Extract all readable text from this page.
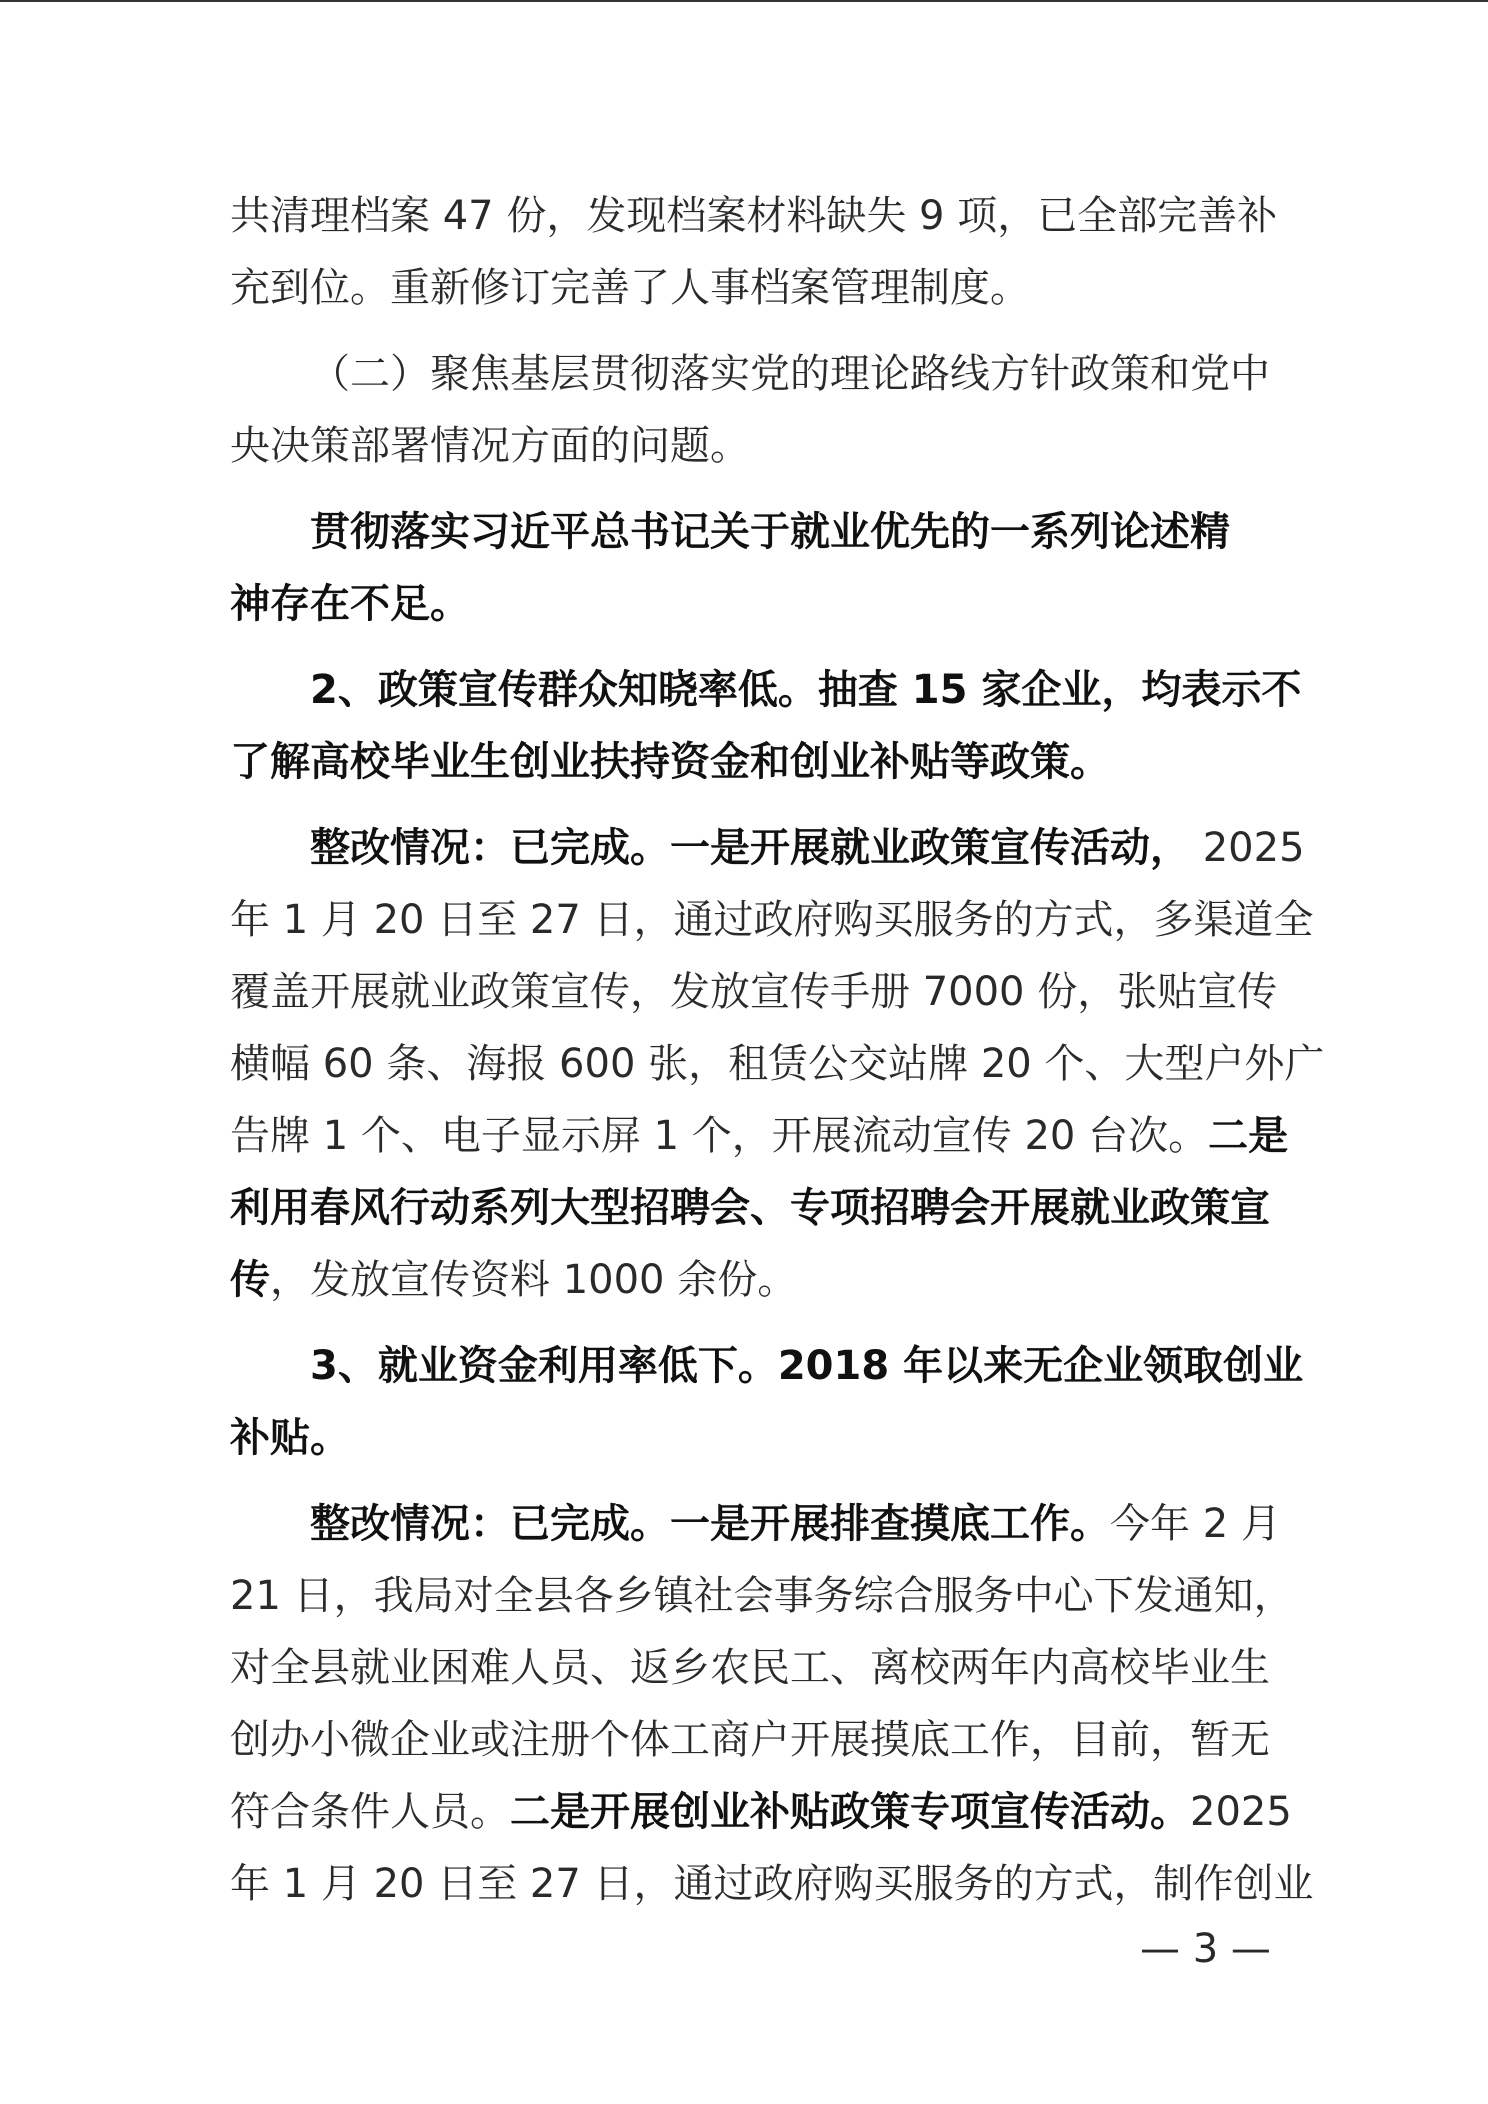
共清理档案 47 份，发现档案材料缺失 9 项，已全部完善补
充到位。重新修订完善了人事档案管理制度。
（二）聚焦基层贯彻落实党的理论路线方针政策和党中
央决策部署情况方面的问题。
贯彻落实习近平总书记关于就业优先的一系列论述精
神存在不足。
2、政策宣传群众知晓率低。抽查 15 家企业，均表示不
了解高校毕业生创业扶持资金和创业补贴等政策。
整改情况：已完成。一是开展就业政策宣传活动， 2025
年 1 月 20 日至 27 日，通过政府购买服务的方式，多渠道全
覆盖开展就业政策宣传，发放宣传手册 7000 份，张贴宣传
横幅 60 条、海报 600 张，租赁公交站牌 20 个、大型户外广
告牌 1 个、电子显示屏 1 个，开展流动宣传 20 台次。二是
利用春风行动系列大型招聘会、专项招聘会开展就业政策宣
传，发放宣传资料 1000 余份。
3、就业资金利用率低下。2018 年以来无企业领取创业
补贴。
整改情况：已完成。一是开展排查摸底工作。今年 2 月
21 日，我局对全县各乡镇社会事务综合服务中心下发通知，
对全县就业困难人员、返乡农民工、离校两年内高校毕业生
创办小微企业或注册个体工商户开展摸底工作，目前，暂无
符合条件人员。二是开展创业补贴政策专项宣传活动。2025
年 1 月 20 日至 27 日，通过政府购买服务的方式，制作创业
— 3 —
